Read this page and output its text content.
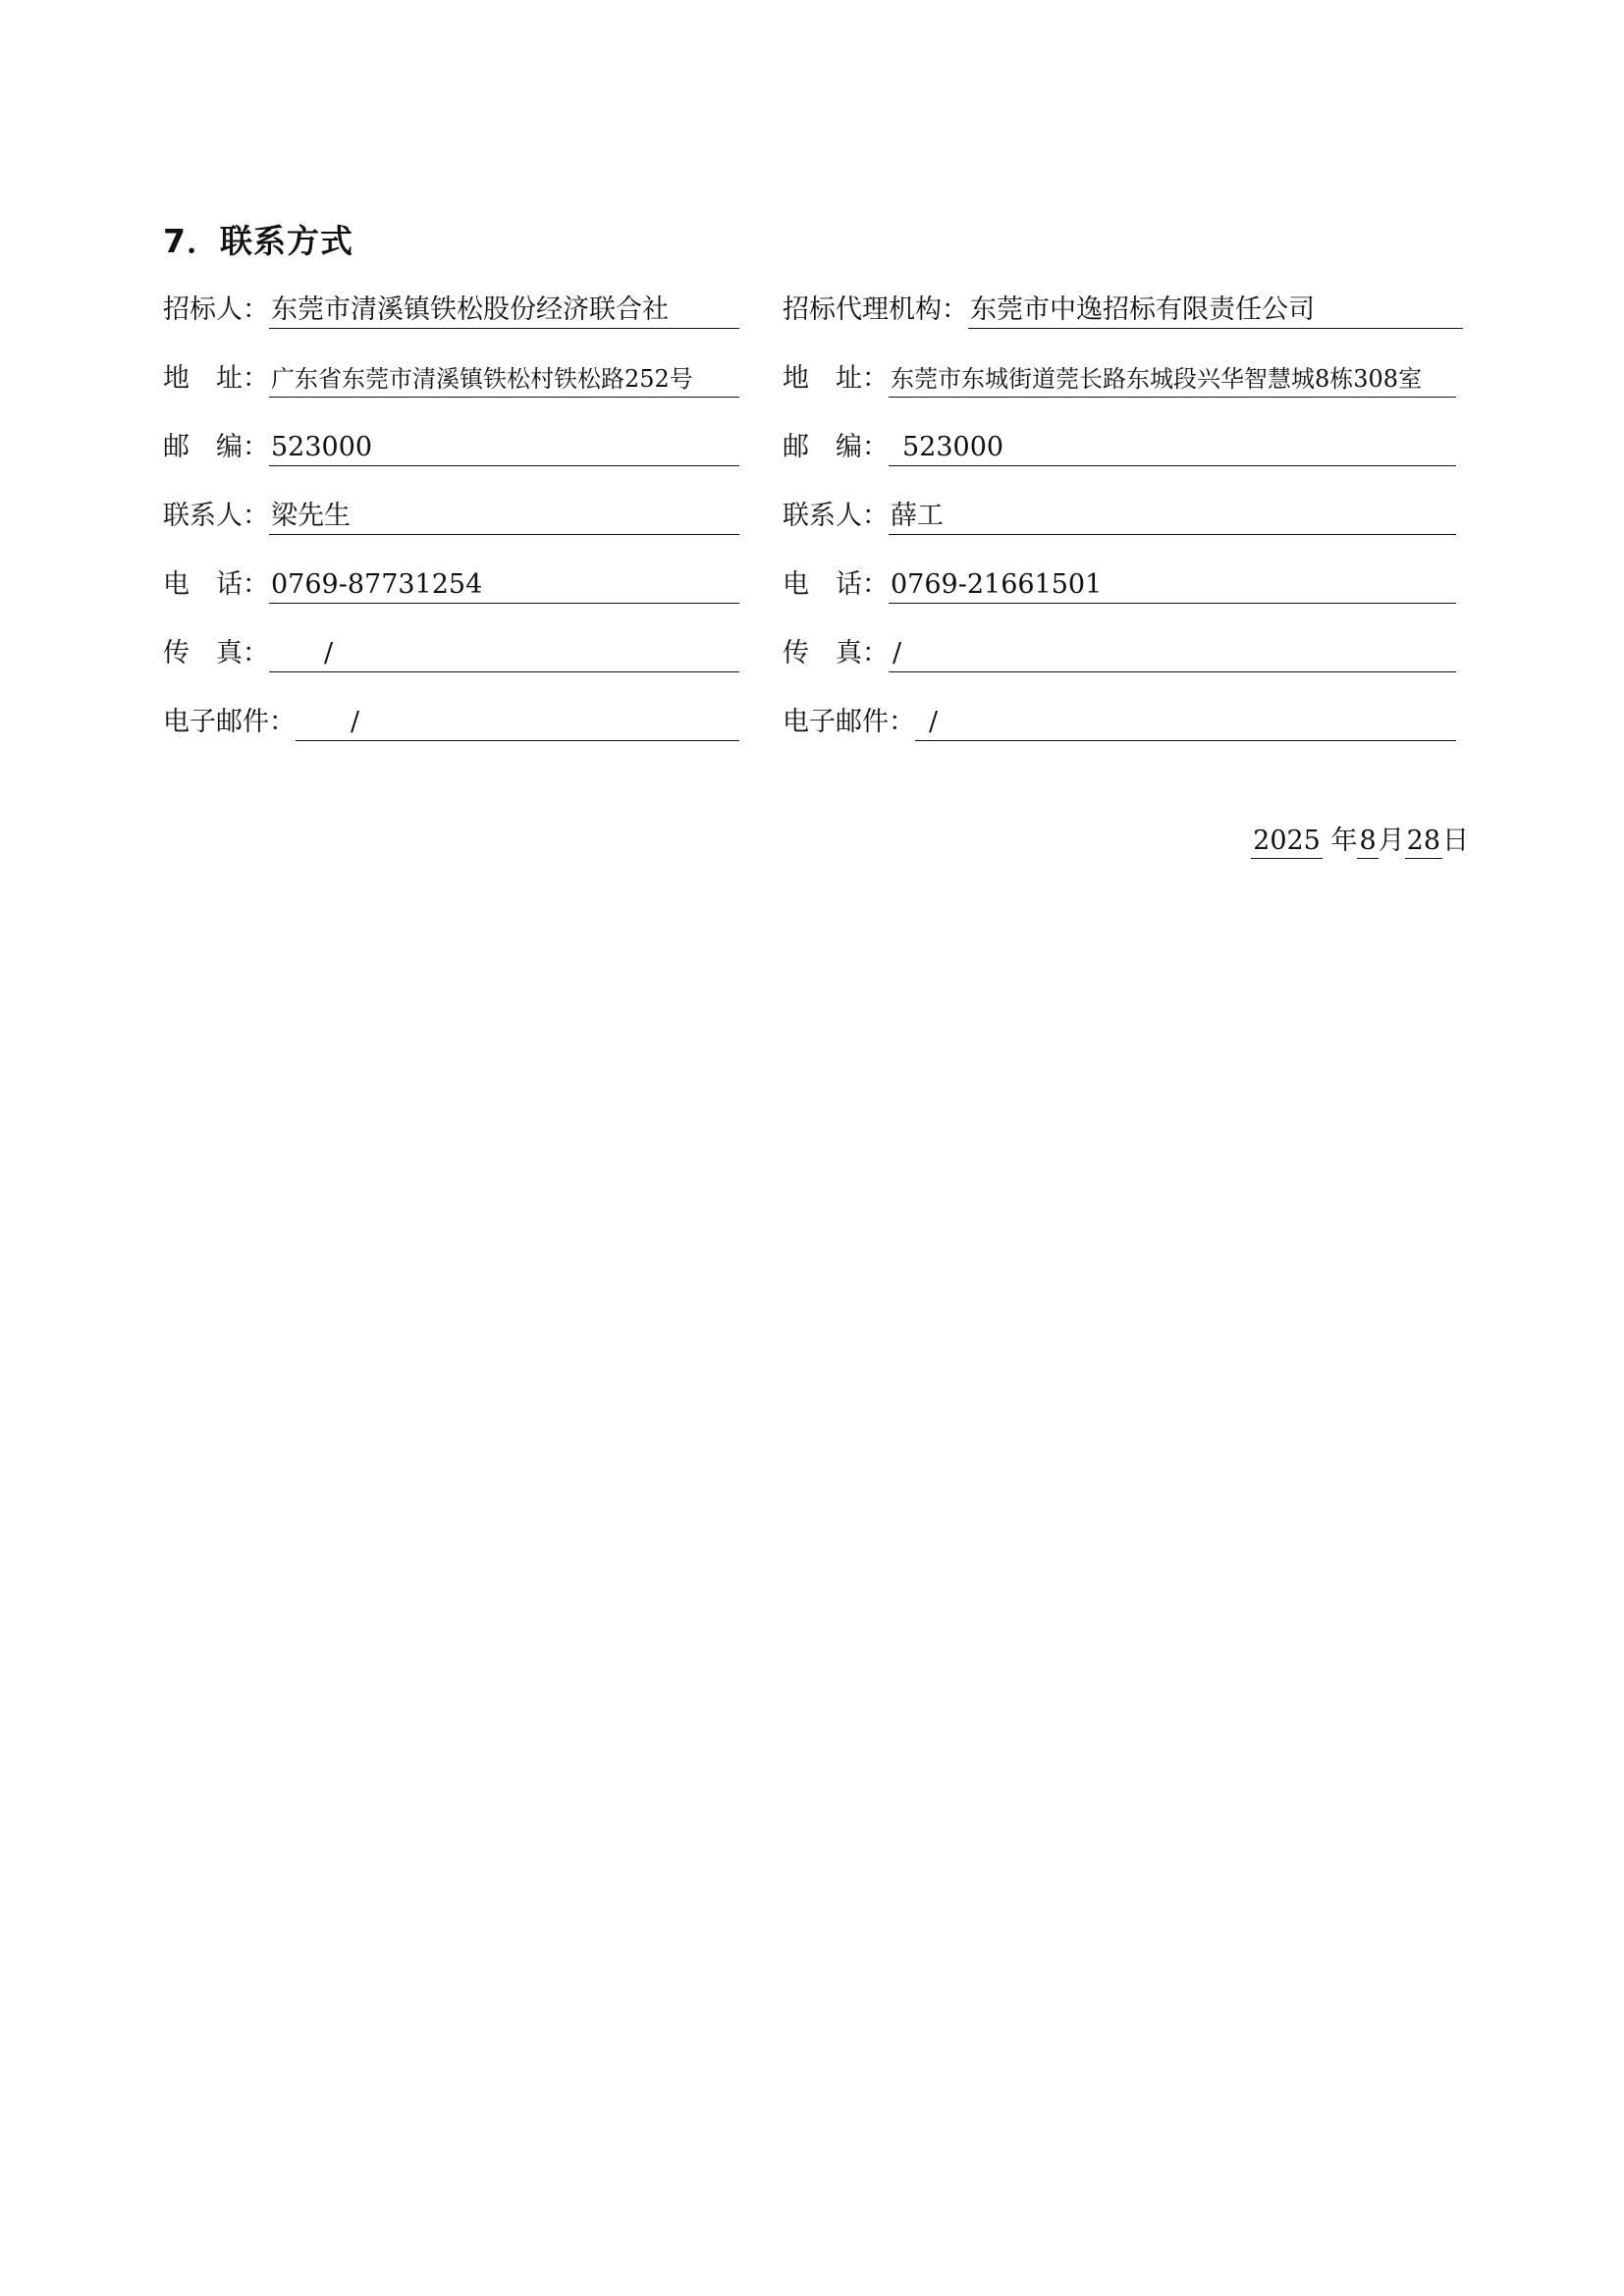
7．联系方式
招标人 ： 东莞市清溪镇铁松股份经济联合社
地　址 ： 广东省东莞市清溪镇铁松村铁松路252号
邮　编 ： 523000
联系人 ： 梁先生
电　话 ： 0769-87731254
传　真 ：	/
电子邮件 ：	/
招标代理机构 ： 东莞市中逸招标有限责任公司
地　址 ： 东莞市东城街道莞长路东城段兴华智慧城8栋308室
邮　编 ： 523000
联系人 ： 薛工
电　话 ： 0769-21661501
传　真 ： /
电子邮件 ： /
2025 年8月28日
